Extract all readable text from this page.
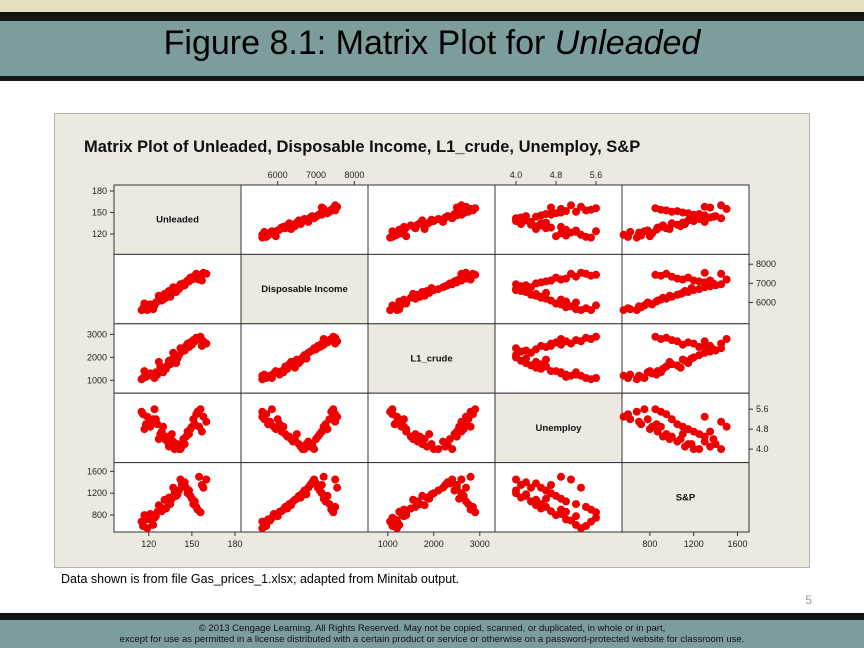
Figure 8.1: Matrix Plot for Unleaded
Matrix Plot of Unleaded, Disposable Income, L1_crude, Unemploy, S&P
Unleaded
Disposable Income
L1_crude
Unemploy
S&P
120	150	180	1000	2000	3000	800	1200	1600
6000 7000 8000	4.0	4.8	5.6
120
150
180
1000
2000
3000
800
1200
1600
6000
7000
8000
4.0
4.8
5.6
Data shown is from file Gas_prices_1.xlsx; adapted from Minitab output.
5
© 2013 Cengage Learning. All Rights Reserved. May not be copied, scanned, or duplicated, in whole or in part,
except for use as permitted in a license distributed with a certain product or service or otherwise on a password-protected website for classroom use.
